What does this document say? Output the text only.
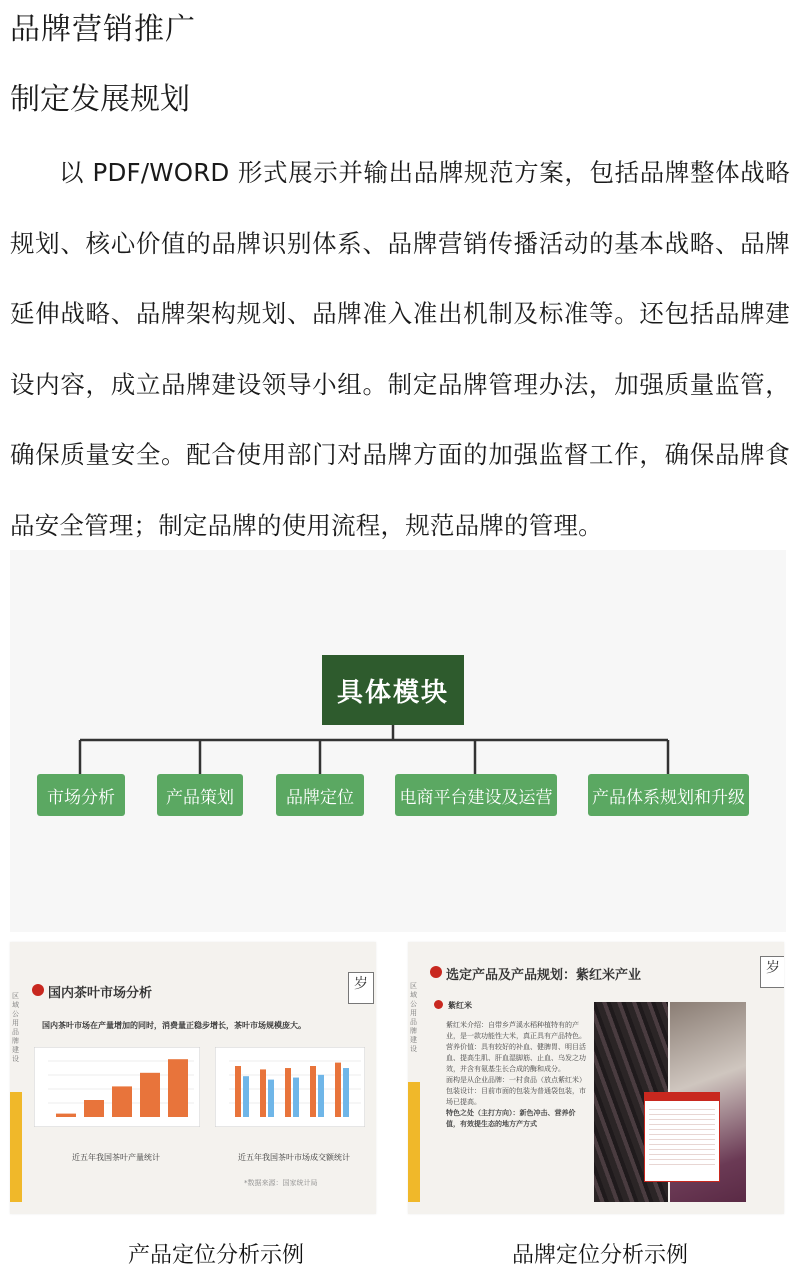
品牌营销推广
制定发展规划
以 PDF/WORD 形式展示并输出品牌规范方案，包括品牌整体战略规划、核心价值的品牌识别体系、品牌营销传播活动的基本战略、品牌延伸战略、品牌架构规划、品牌准入准出机制及标准等。还包括品牌建设内容，成立品牌建设领导小组。制定品牌管理办法，加强质量监管，确保质量安全。配合使用部门对品牌方面的加强监督工作，确保品牌食品安全管理；制定品牌的使用流程，规范品牌的管理。
具体模块
市场分析	产品策划	品牌定位	电商平台建设及运营 产品体系规划和升级
区域公用品牌建设
国内茶叶市场分析
岁
国内茶叶市场在产量增加的同时，消费量正稳步增长，茶叶市场规模庞大。
近五年我国茶叶产量统计	近五年我国茶叶市场成交额统计
*数据来源：国家统计局
区域公用品牌建设
选定产品及产品规划：紫红米产业	岁
紫红米
紫红米介绍：自带乡芦溪水稻种植特有的产业，是一款功能性大米，真正具有产品特色。
营养价值：具有较好的补血、健脾胃、明目活血、提高生肌、肝血湿脚筋、止血、乌发之功效，并含有氨基生长合成的酶和成分。
面构是从企业品牌：一村食品（放点紫红米）
包装设计：目前市面的包装为普通袋包装，市场已提高。
特色之处（主打方向）：新色冲击、营养价值，有效提生态的地方产方式
产品定位分析示例	品牌定位分析示例
